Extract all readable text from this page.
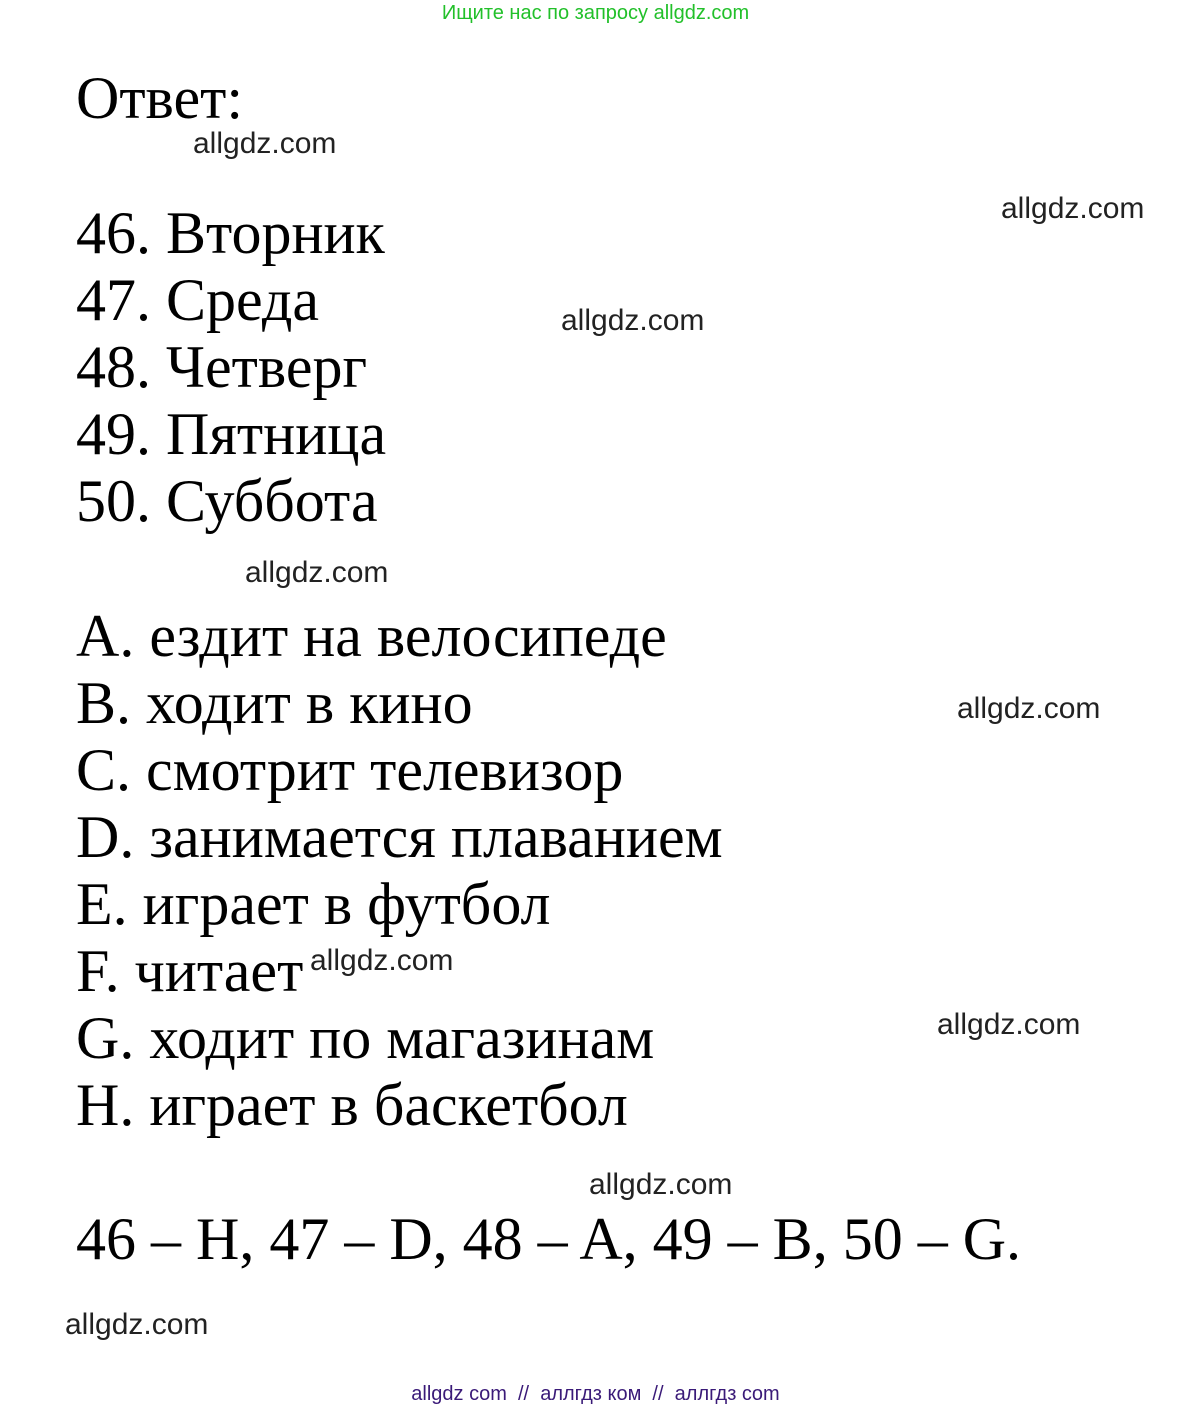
Ищите нас по запросу allgdz.com
Ответ:
46. Вторник
47. Среда
48. Четверг
49. Пятница
50. Суббота
A. ездит на велосипеде
B. ходит в кино
C. смотрит телевизор
D. занимается плаванием
E. играет в футбол
F. читает
G. ходит по магазинам
H. играет в баскетбол
46 – H, 47 – D, 48 – A, 49 – B, 50 – G.
allgdz.com
allgdz.com
allgdz.com
allgdz.com
allgdz.com
allgdz.com
allgdz.com
allgdz.com
allgdz.com
allgdz com  //  аллгдз ком  //  аллгдз com
